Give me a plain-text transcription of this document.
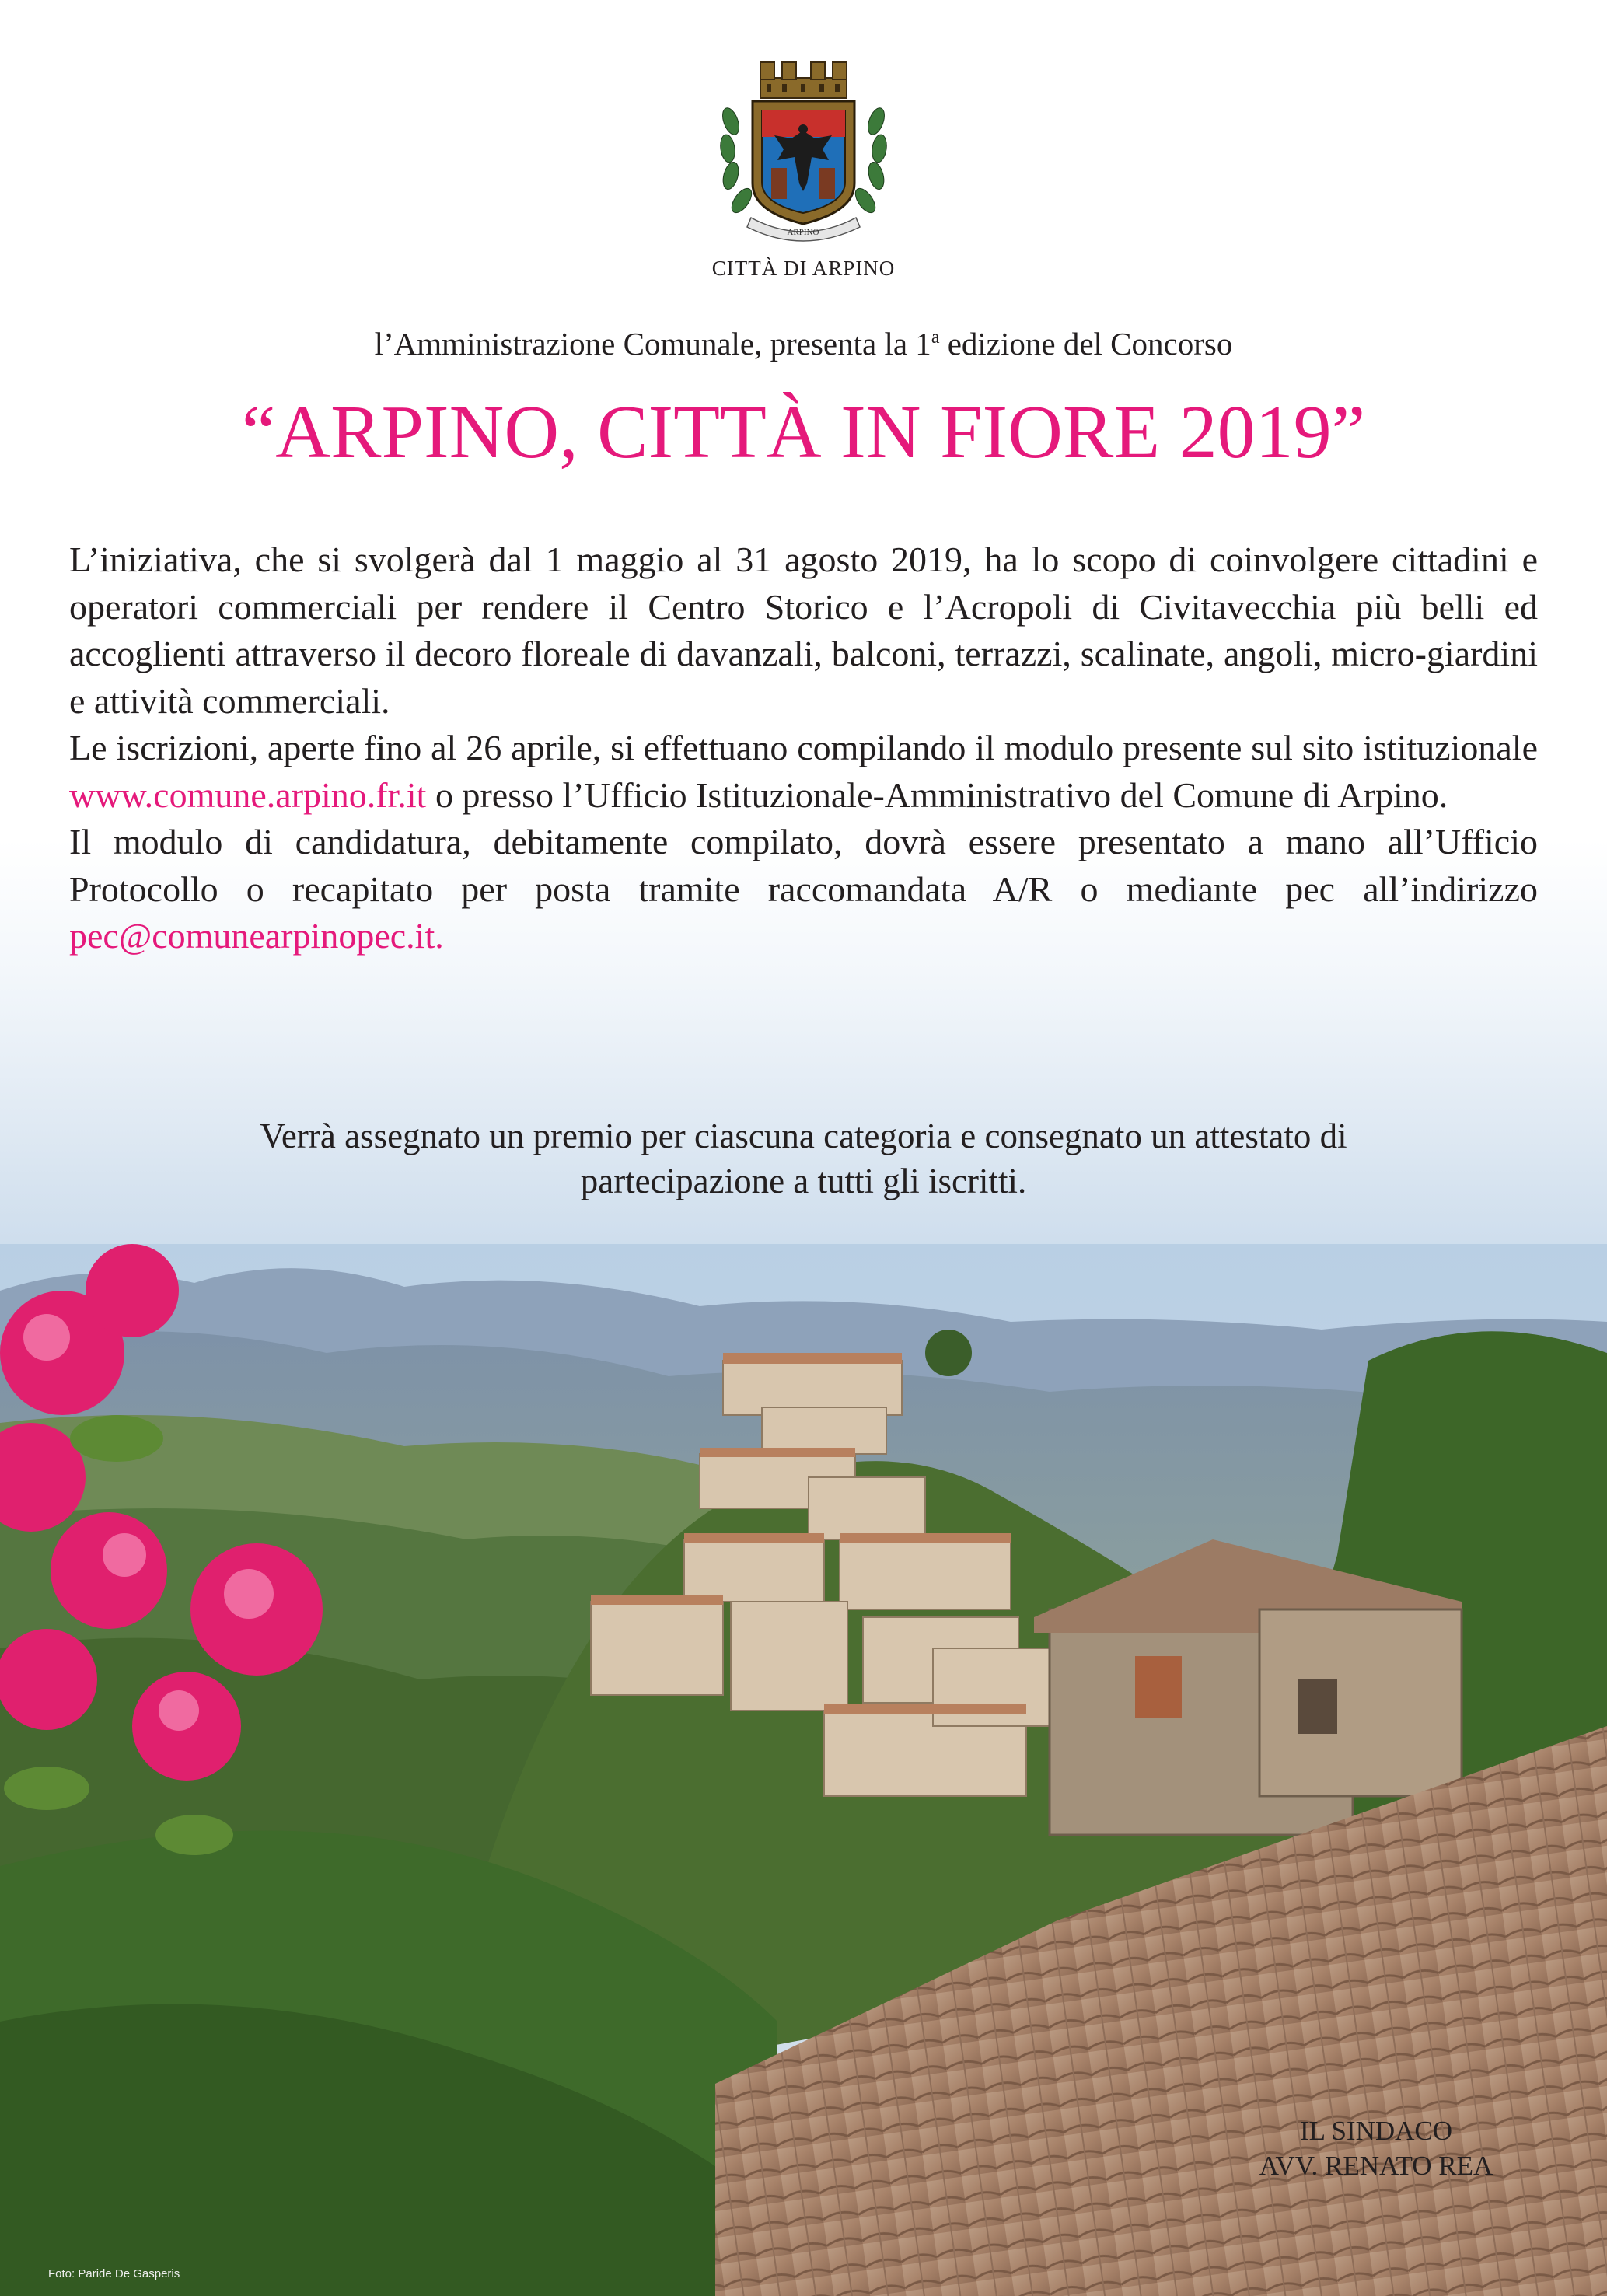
ARPINO
CITTÀ DI ARPINO
l’Amministrazione Comunale, presenta la 1$^a$ edizione del Concorso
“ARPINO, CITTÀ IN FIORE 2019”

L’iniziativa, che si svolgerà dal 1 maggio al 31 agosto 2019, ha lo scopo di coinvolgere cittadini e operatori commerciali per rendere il Centro Storico e l’Acropoli di Civitavecchia più belli ed accoglienti attraverso il decoro floreale di davanzali, balconi, terrazzi, scalinate, angoli, micro-giardini e attività commerciali.

Le iscrizioni, aperte fino al 26 aprile, si effettuano compilando il modulo presente sul sito istituzionale www.comune.arpino.fr.it o presso l’Ufficio Istituzionale-Amministrativo del Comune di Arpino.

Il modulo di candidatura, debitamente compilato, dovrà essere presentato a mano all’Ufficio Protocollo o recapitato per posta tramite raccomandata A/R o mediante pec all’indirizzo pec@comunearpinopec.it.

Verrà assegnato un premio per ciascuna categoria e consegnato un attestato di
partecipazione a tutti gli iscritti.
IL SINDACO
AVV. RENATO REA
Foto: Paride De Gasperis
